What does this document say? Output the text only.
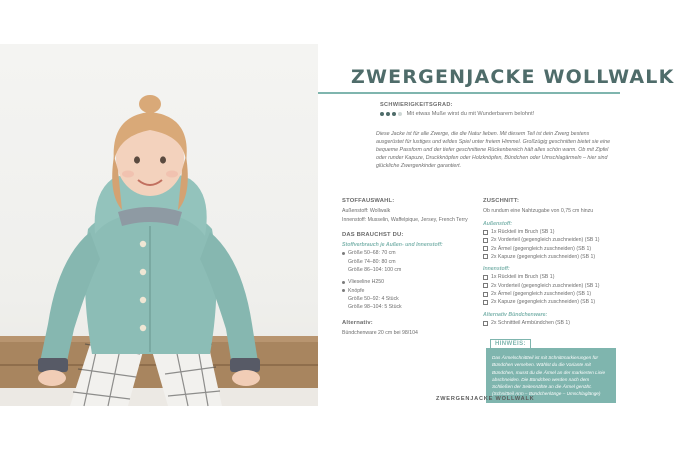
ZWERGENJACKE WOLLWALK
SCHWIERIGKEITSGRAD:
Mit etwas Muße wirst du mit Wunderbarem belohnt!

Diese Jacke ist für alle Zwerge, die die Natur lieben. Mit diesem Teil ist dein Zwerg bestens ausgerüstet für lustiges und wildes Spiel unter freiem Himmel. Großzügig geschnitten bietet sie eine bequeme Passform und der tiefer geschnittene Rückenbereich hält alles schön warm. Ob mit Zipfel oder runder Kapuze, Druckknöpfen oder Holzknöpfen, Bündchen oder Umschlagärmeln – hier sind glückliche Zwergenkinder garantiert.

STOFFAUSWAHL:
Außenstoff: Wollwalk
Innenstoff: Musselin, Waffelpique, Jersey, French Terry
DAS BRAUCHST DU:
Stoffverbrauch je Außen- und Innenstoff:
Größe 50–68: 70 cm
Größe 74–80: 80 cm
Größe 86–104: 100 cm
Vlieseline H250
Knöpfe
Größe 50–92: 4 Stück
Größe 98–104: 5 Stück
Alternativ:
Bündchenware 20 cm bei 98/104
ZUSCHNITT:
Ob rundum eine Nahtzugabe von 0,75 cm hinzu
Außenstoff:
1x Rückteil im Bruch (SB 1)
2x Vorderteil (gegengleich zuschneiden) (SB 1)
2x Ärmel (gegengleich zuschneiden) (SB 1)
2x Kapuze (gegengleich zuschneiden) (SB 1)
Innenstoff:
1x Rückteil im Bruch (SB 1)
2x Vorderteil (gegengleich zuschneiden) (SB 1)
2x Ärmel (gegengleich zuschneiden) (SB 1)
2x Kapuze (gegengleich zuschneiden) (SB 1)
Alternativ Bündchenware:
2x Schnittteil Armbündchen (SB 1)
HINWEIS:
Das Ärmelschnittteil ist mit Schnittmarkierungen für Bündchen versehen. Wählst du die Variante mit Bündchen, musst du die Ärmel an der markierten Linie abschneiden. Die Bündchen werden nach dem Schließen der Seitennähte an die Ärmel genäht. (Schnittteil Arm – Bündchenlänge – Umschlaglänge)
ZWERGENJACKE WOLLWALK
